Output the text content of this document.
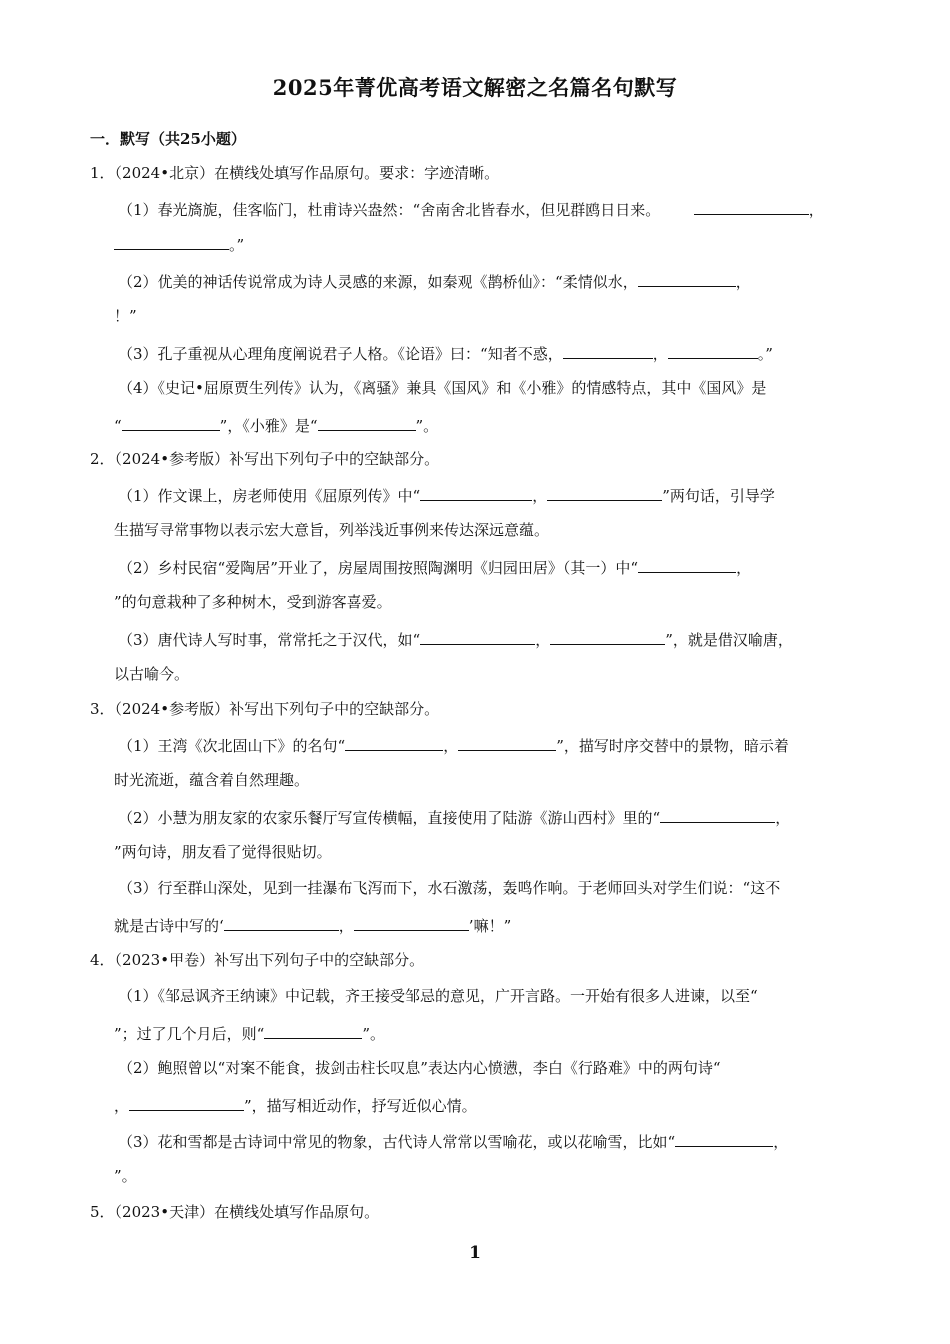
2025年菁优高考语文解密之名篇名句默写
一．默写（共25小题）
1．（2024•北京）在横线处填写作品原句。要求：字迹清晰。
（1）春光旖旎，佳客临门，杜甫诗兴盎然：“舍南舍北皆春水，但见群鸥日日来。	，
。”
（2）优美的神话传说常成为诗人灵感的来源，如秦观《鹊桥仙》：“柔情似水，	，
！”
（3）孔子重视从心理角度阐说君子人格。《论语》曰：“知者不惑，	，	。”
（4）《史记•屈原贾生列传》认为，《离骚》兼具《国风》和《小雅》的情感特点，其中《国风》是
“	”，《小雅》是“	”。
2．（2024•参考版）补写出下列句子中的空缺部分。
（1）作文课上，房老师使用《屈原列传》中“	，	”两句话，引导学
生描写寻常事物以表示宏大意旨，列举浅近事例来传达深远意蕴。
（2）乡村民宿“爱陶居”开业了，房屋周围按照陶渊明《归园田居》（其一）中“	，
”的句意栽种了多种树木，受到游客喜爱。
（3）唐代诗人写时事，常常托之于汉代，如“	，	”，就是借汉喻唐，
以古喻今。
3．（2024•参考版）补写出下列句子中的空缺部分。
（1）王湾《次北固山下》的名句“	，	”，描写时序交替中的景物，暗示着
时光流逝，蕴含着自然理趣。
（2）小慧为朋友家的农家乐餐厅写宣传横幅，直接使用了陆游《游山西村》里的“	，
”两句诗，朋友看了觉得很贴切。
（3）行至群山深处，见到一挂瀑布飞泻而下，水石激荡，轰鸣作响。于老师回头对学生们说：“这不
就是古诗中写的‘	，	’嘛！”
4．（2023•甲卷）补写出下列句子中的空缺部分。
（1）《邹忌讽齐王纳谏》中记载，齐王接受邹忌的意见，广开言路。一开始有很多人进谏，以至“
”；过了几个月后，则“	”。
（2）鲍照曾以“对案不能食，拔剑击柱长叹息”表达内心愤懑，李白《行路难》中的两句诗“
，	”，描写相近动作，抒写近似心情。
（3）花和雪都是古诗词中常见的物象，古代诗人常常以雪喻花，或以花喻雪，比如“	，
”。
5．（2023•天津）在横线处填写作品原句。
1
